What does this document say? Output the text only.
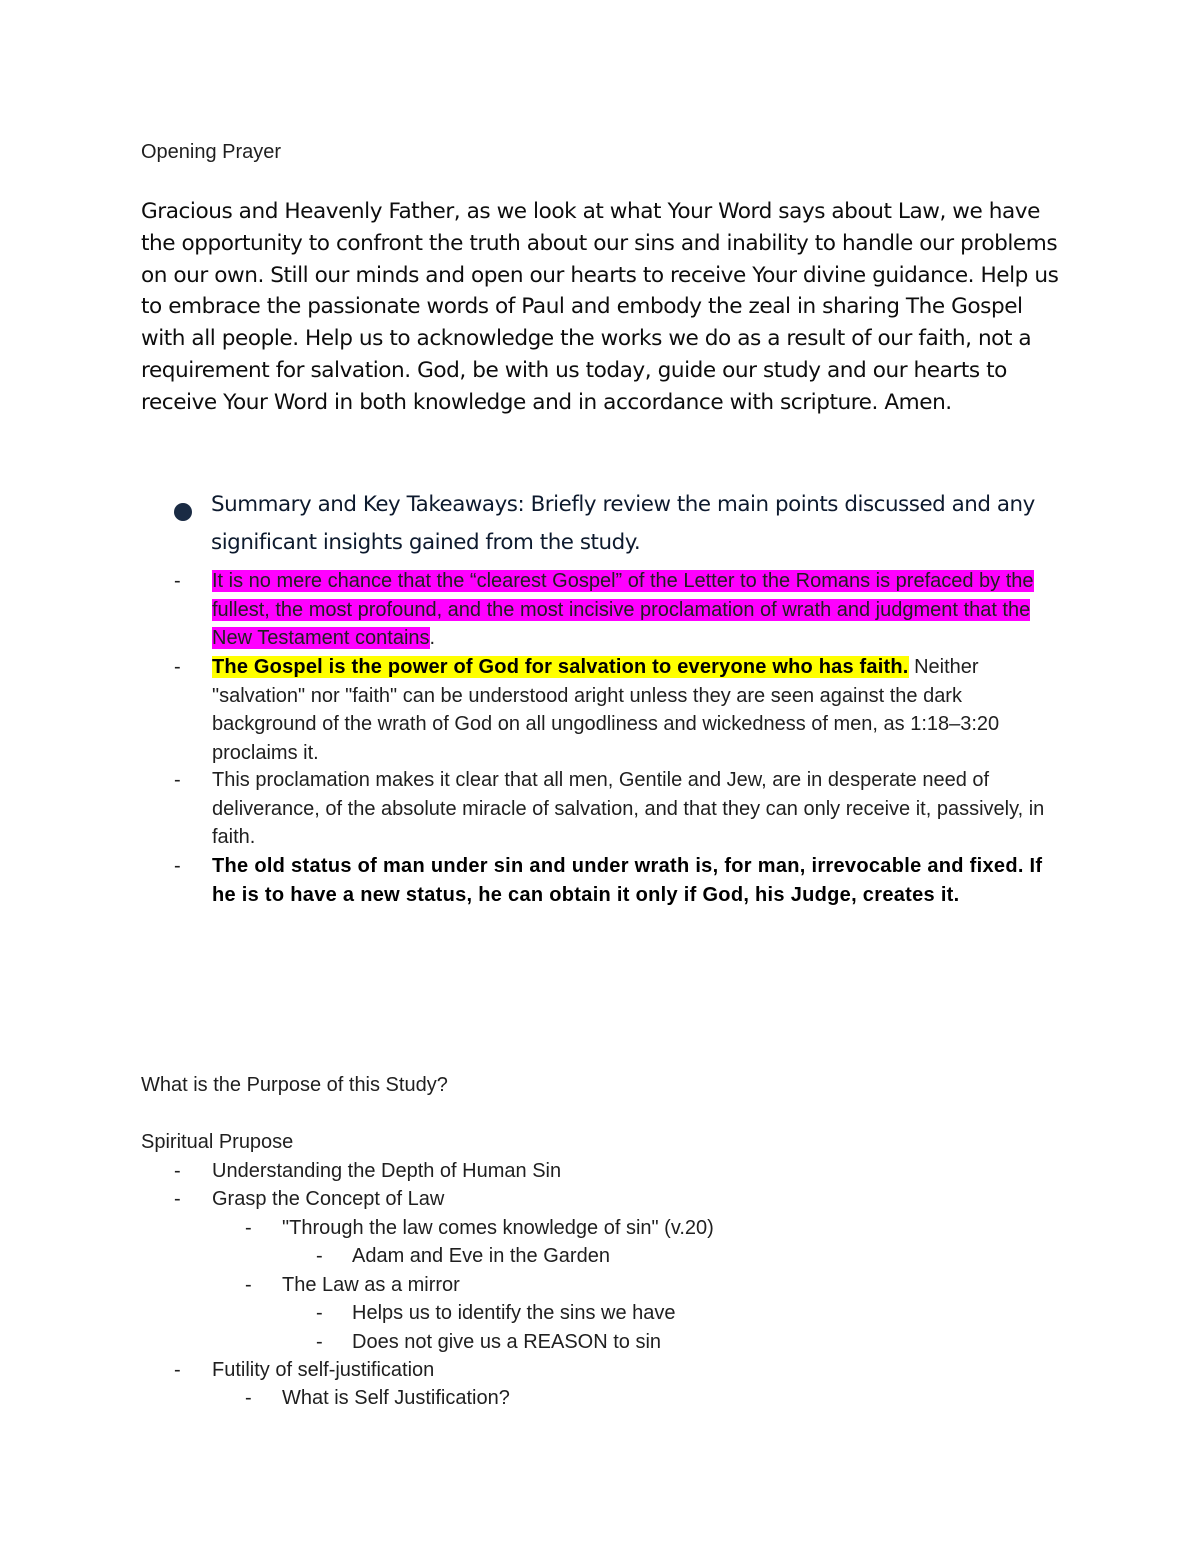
Opening Prayer
Gracious and Heavenly Father, as we look at what Your Word says about Law, we have the opportunity to confront the truth about our sins and inability to handle our problems on our own. Still our minds and open our hearts to receive Your divine guidance. Help us to embrace the passionate words of Paul and embody the zeal in sharing The Gospel with all people. Help us to acknowledge the works we do as a result of our faith, not a requirement for salvation. God, be with us today, guide our study and our hearts to receive Your Word in both knowledge and in accordance with scripture. Amen.
Summary and Key Takeaways: Briefly review the main points discussed and any significant insights gained from the study.
- It is no mere chance that the “clearest Gospel” of the Letter to the Romans is prefaced by the fullest, the most profound, and the most incisive proclamation of wrath and judgment that the New Testament contains.
- The Gospel is the power of God for salvation to everyone who has faith. Neither "salvation" nor "faith" can be understood aright unless they are seen against the dark background of the wrath of God on all ungodliness and wickedness of men, as 1:18–3:20 proclaims it.
- This proclamation makes it clear that all men, Gentile and Jew, are in desperate need of deliverance, of the absolute miracle of salvation, and that they can only receive it, passively, in faith.
- The old status of man under sin and under wrath is, for man, irrevocable and fixed. If he is to have a new status, he can obtain it only if God, his Judge, creates it.
What is the Purpose of this Study?
Spiritual Prupose
- Understanding the Depth of Human Sin
- Grasp the Concept of Law
- "Through the law comes knowledge of sin" (v.20)
- Adam and Eve in the Garden
- The Law as a mirror
- Helps us to identify the sins we have
- Does not give us a REASON to sin
- Futility of self-justification
- What is Self Justification?
